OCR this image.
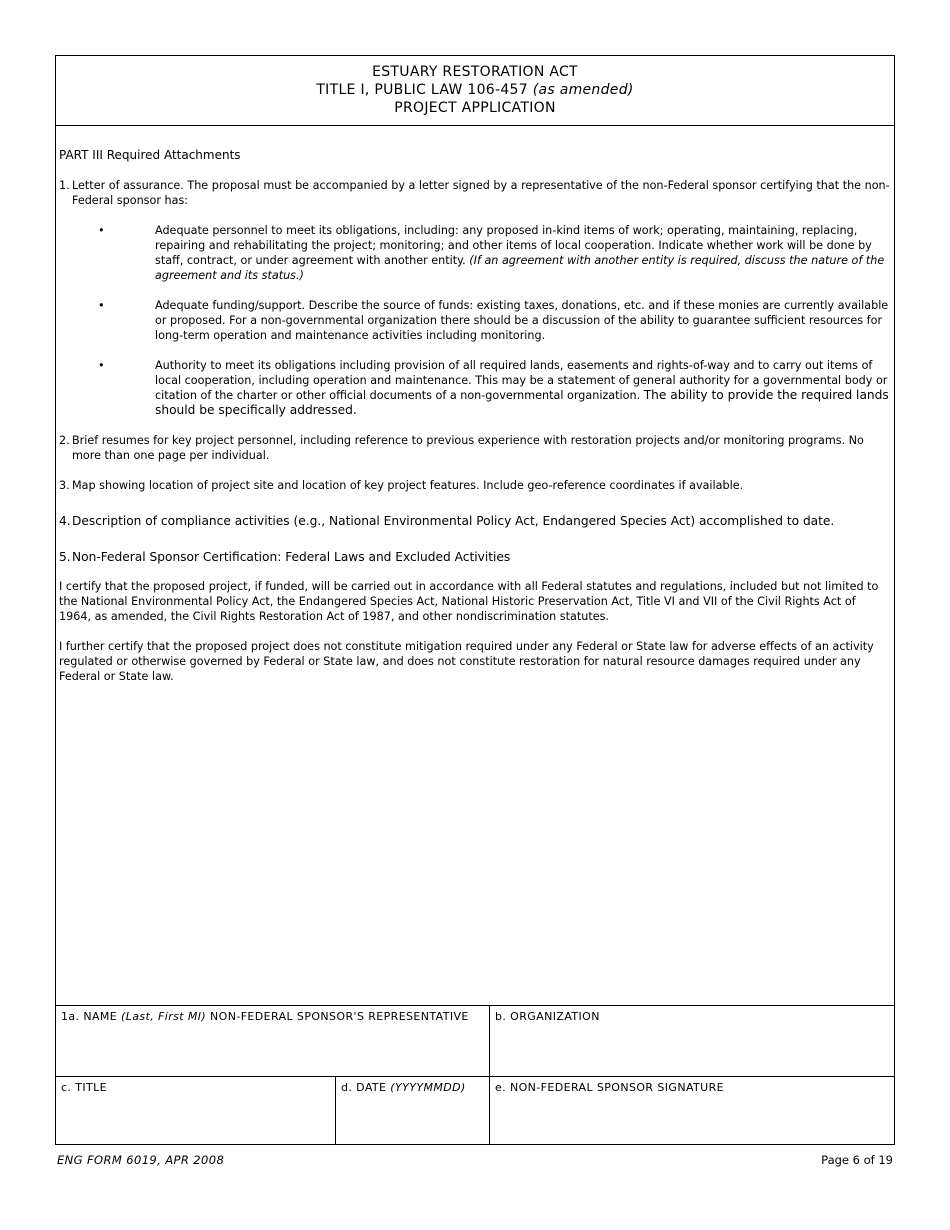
ESTUARY RESTORATION ACT
TITLE I, PUBLIC LAW 106-457 (as amended)
PROJECT APPLICATION
PART III Required Attachments
1. Letter of assurance. The proposal must be accompanied by a letter signed by a representative of the non-Federal sponsor certifying that the non-Federal sponsor has:
•	Adequate personnel to meet its obligations, including: any proposed in-kind items of work; operating, maintaining, replacing, repairing and rehabilitating the project; monitoring; and other items of local cooperation. Indicate whether work will be done by staff, contract, or under agreement with another entity. (If an agreement with another entity is required, discuss the nature of the agreement and its status.)
•	Adequate funding/support. Describe the source of funds: existing taxes, donations, etc. and if these monies are currently available or proposed. For a non-governmental organization there should be a discussion of the ability to guarantee sufficient resources for long-term operation and maintenance activities including monitoring.
•	Authority to meet its obligations including provision of all required lands, easements and rights-of-way and to carry out items of local cooperation, including operation and maintenance. This may be a statement of general authority for a governmental body or citation of the charter or other official documents of a non-governmental organization. The ability to provide the required lands should be specifically addressed.
2. Brief resumes for key project personnel, including reference to previous experience with restoration projects and/or monitoring programs. No more than one page per individual.
3. Map showing location of project site and location of key project features. Include geo-reference coordinates if available.
4. Description of compliance activities (e.g., National Environmental Policy Act, Endangered Species Act) accomplished to date.
5. Non-Federal Sponsor Certification: Federal Laws and Excluded Activities

I certify that the proposed project, if funded, will be carried out in accordance with all Federal statutes and regulations, included but not limited to the National Environmental Policy Act, the Endangered Species Act, National Historic Preservation Act, Title VI and VII of the Civil Rights Act of 1964, as amended, the Civil Rights Restoration Act of 1987, and other nondiscrimination statutes.

I further certify that the proposed project does not constitute mitigation required under any Federal or State law for adverse effects of an activity regulated or otherwise governed by Federal or State law, and does not constitute restoration for natural resource damages required under any Federal or State law.

1a. NAME (Last, First MI) NON-FEDERAL SPONSOR'S REPRESENTATIVE	b. ORGANIZATION
c. TITLE	d. DATE (YYYYMMDD)	e. NON-FEDERAL SPONSOR SIGNATURE
ENG FORM 6019, APR 2008	Page 6 of 19
